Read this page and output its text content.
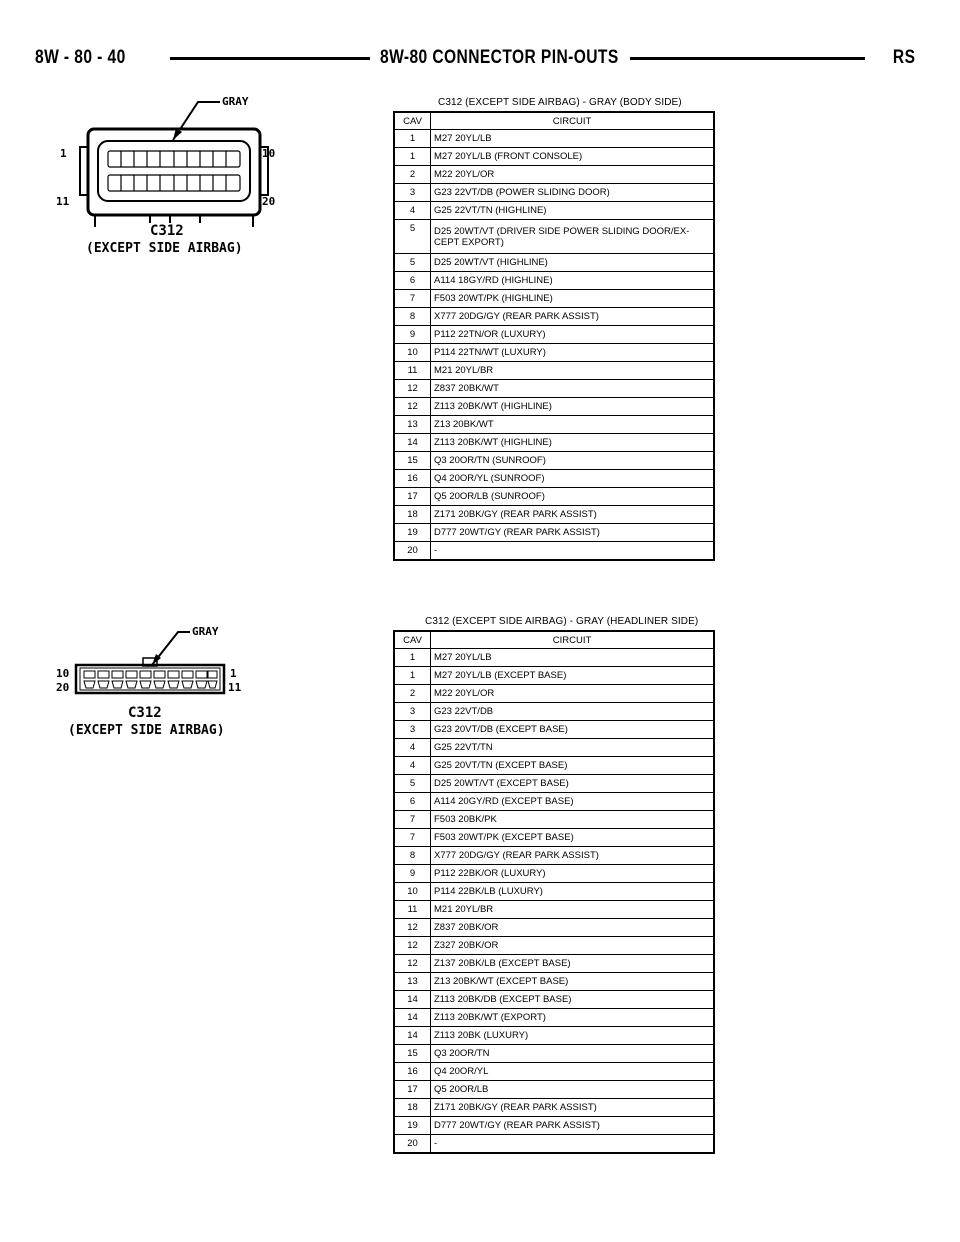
8W - 80 - 40	8W-80 CONNECTOR PIN-OUTS	RS
GRAY
1	10
11	20
C312
(EXCEPT SIDE AIRBAG)
C312 (EXCEPT SIDE AIRBAG) - GRAY (BODY SIDE)
CAV	CIRCUIT
1	M27 20YL/LB
1	M27 20YL/LB (FRONT CONSOLE)
2	M22 20YL/OR
3	G23 22VT/DB (POWER SLIDING DOOR)
4	G25 22VT/TN (HIGHLINE)
5	D25 20WT/VT (DRIVER SIDE POWER SLIDING DOOR/EX-
CEPT EXPORT)
5	D25 20WT/VT (HIGHLINE)
6	A114 18GY/RD (HIGHLINE)
7	F503 20WT/PK (HIGHLINE)
8	X777 20DG/GY (REAR PARK ASSIST)
9	P112 22TN/OR (LUXURY)
10	P114 22TN/WT (LUXURY)
11	M21 20YL/BR
12	Z837 20BK/WT
12	Z113 20BK/WT (HIGHLINE)
13	Z13 20BK/WT
14	Z113 20BK/WT (HIGHLINE)
15	Q3 20OR/TN (SUNROOF)
16	Q4 20OR/YL (SUNROOF)
17	Q5 20OR/LB (SUNROOF)
18	Z171 20BK/GY (REAR PARK ASSIST)
19	D777 20WT/GY (REAR PARK ASSIST)
20	-
GRAY
10	1
20	11
C312
(EXCEPT SIDE AIRBAG)
C312 (EXCEPT SIDE AIRBAG) - GRAY (HEADLINER SIDE)
CAV	CIRCUIT
1	M27 20YL/LB
1	M27 20YL/LB (EXCEPT BASE)
2	M22 20YL/OR
3	G23 22VT/DB
3	G23 20VT/DB (EXCEPT BASE)
4	G25 22VT/TN
4	G25 20VT/TN (EXCEPT BASE)
5	D25 20WT/VT (EXCEPT BASE)
6	A114 20GY/RD (EXCEPT BASE)
7	F503 20BK/PK
7	F503 20WT/PK (EXCEPT BASE)
8	X777 20DG/GY (REAR PARK ASSIST)
9	P112 22BK/OR (LUXURY)
10	P114 22BK/LB (LUXURY)
11	M21 20YL/BR
12	Z837 20BK/OR
12	Z327 20BK/OR
12	Z137 20BK/LB (EXCEPT BASE)
13	Z13 20BK/WT (EXCEPT BASE)
14	Z113 20BK/DB (EXCEPT BASE)
14	Z113 20BK/WT (EXPORT)
14	Z113 20BK (LUXURY)
15	Q3 20OR/TN
16	Q4 20OR/YL
17	Q5 20OR/LB
18	Z171 20BK/GY (REAR PARK ASSIST)
19	D777 20WT/GY (REAR PARK ASSIST)
20	-
